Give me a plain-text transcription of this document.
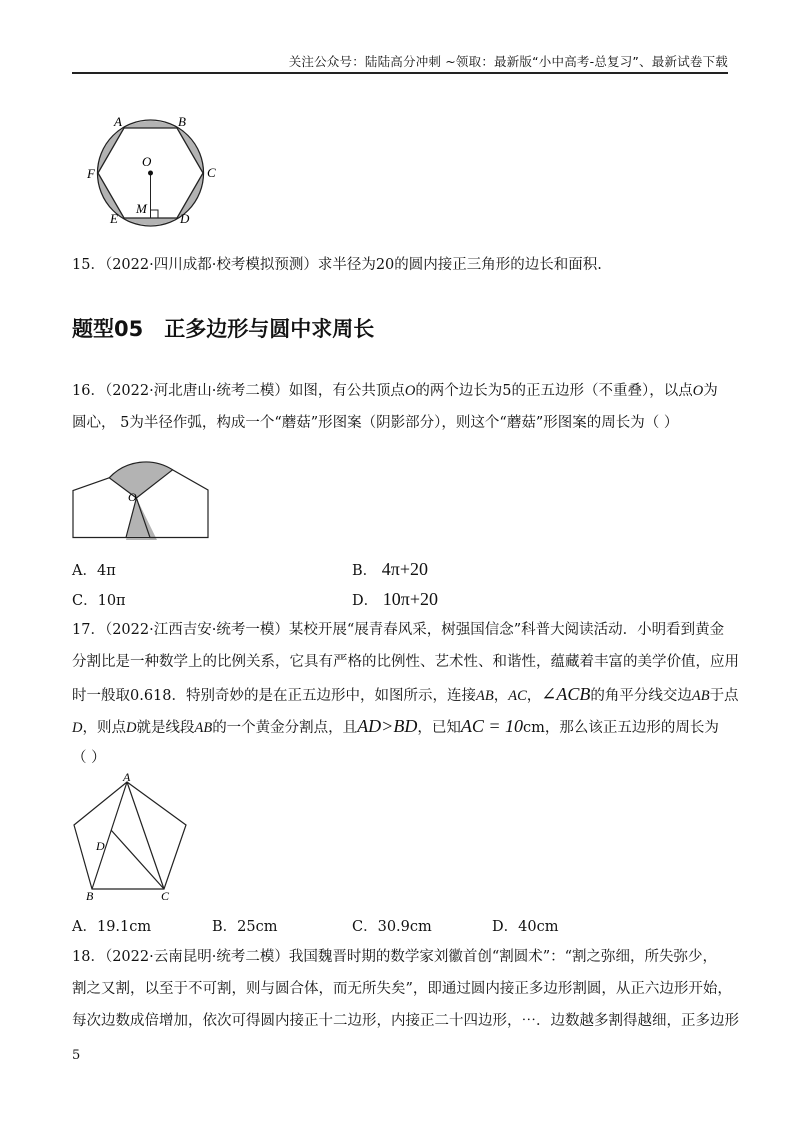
关注公众号：陆陆高分冲刺 ~领取：最新版“小中高考-总复习”、最新试卷下载
A	B
C
D
E
F
O
M
15．（2022·四川成都·校考模拟预测）求半径为20的圆内接正三角形的边长和面积.
题型05　正多边形与圆中求周长
16．（2022·河北唐山·统考二模）如图，有公共顶点O的两个边长为5的正五边形（不重叠），以点O为
圆心， 5为半径作弧，构成一个“蘑菇”形图案（阴影部分），则这个“蘑菇”形图案的周长为（ ）
O
A．4π	B． 4π+20
C．10π	D． 10π+20
17．（2022·江西吉安·统考一模）某校开展“展青春风采，树强国信念”科普大阅读活动．小明看到黄金
分割比是一种数学上的比例关系，它具有严格的比例性、艺术性、和谐性，蕴藏着丰富的美学价值，应用
时一般取0.618．特别奇妙的是在正五边形中，如图所示，连接AB，AC，∠ACB的角平分线交边AB于点
D，则点D就是线段AB的一个黄金分割点，且AD>BD，已知AC = 10cm，那么该正五边形的周长为
（ ）
A
B	C
D
A．19.1cm	B．25cm	C．30.9cm	D．40cm
18．（2022·云南昆明·统考二模）我国魏晋时期的数学家刘徽首创“割圆术”：“割之弥细，所失弥少，
割之又割，以至于不可割，则与圆合体，而无所失矣”，即通过圆内接正多边形割圆，从正六边形开始，
每次边数成倍增加，依次可得圆内接正十二边形，内接正二十四边形，⋯．边数越多割得越细，正多边形
5
